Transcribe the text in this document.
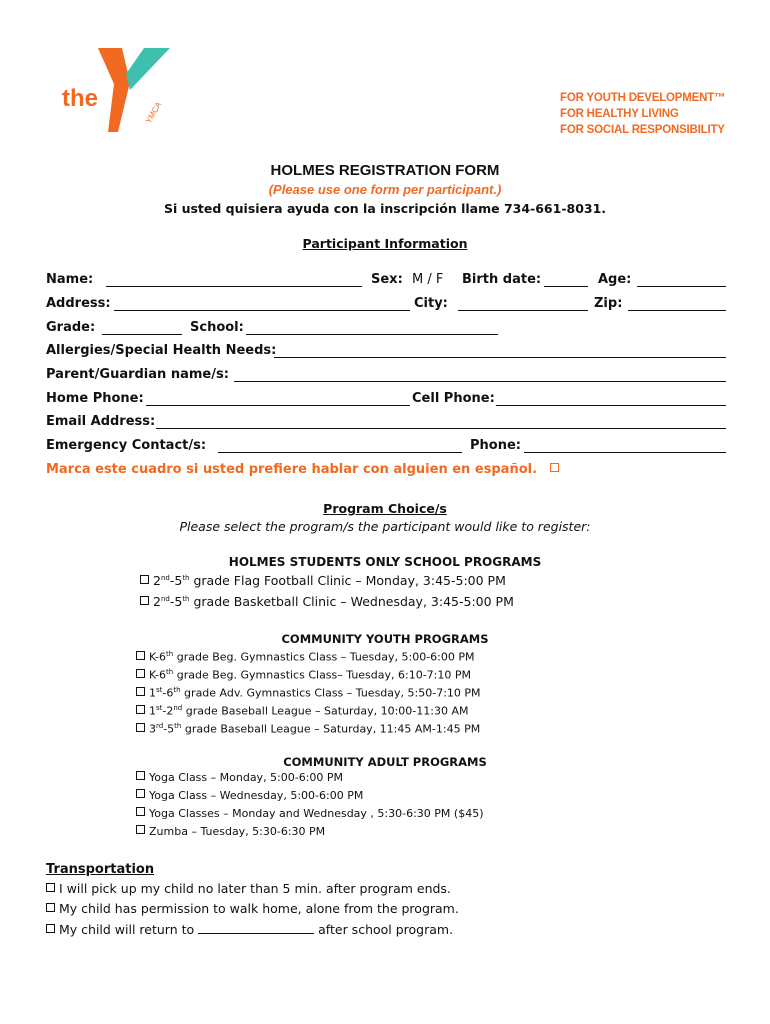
the
YMCA
FOR YOUTH DEVELOPMENT™
FOR HEALTHY LIVING
FOR SOCIAL RESPONSIBILITY
HOLMES REGISTRATION FORM
(Please use one form per participant.)
Si usted quisiera ayuda con la inscripción llame 734-661-8031.
Participant Information
Name:	Sex: M / F Birth date:	Age:
Address:	City:	Zip:
Grade:	School:
Allergies/Special Health Needs:
Parent/Guardian name/s:
Home Phone:	Cell Phone:
Email Address:
Emergency Contact/s:	Phone:
Marca este cuadro si usted prefiere hablar con alguien en español.
Program Choice/s
Please select the program/s the participant would like to register:
HOLMES STUDENTS ONLY SCHOOL PROGRAMS
2nd-5th grade Flag Football Clinic – Monday, 3:45-5:00 PM
2nd-5th grade Basketball Clinic – Wednesday, 3:45-5:00 PM
COMMUNITY YOUTH PROGRAMS
K-6th grade Beg. Gymnastics Class – Tuesday, 5:00-6:00 PM
K-6th grade Beg. Gymnastics Class– Tuesday, 6:10-7:10 PM
1st-6th grade Adv. Gymnastics Class – Tuesday, 5:50-7:10 PM
1st-2nd grade Baseball League – Saturday, 10:00-11:30 AM
3rd-5th grade Baseball League – Saturday, 11:45 AM-1:45 PM
COMMUNITY ADULT PROGRAMS
Yoga Class – Monday, 5:00-6:00 PM
Yoga Class – Wednesday, 5:00-6:00 PM
Yoga Classes – Monday and Wednesday , 5:30-6:30 PM ($45)
Zumba – Tuesday, 5:30-6:30 PM
Transportation
I will pick up my child no later than 5 min. after program ends.
My child has permission to walk home, alone from the program.
My child will return to	after school program.
